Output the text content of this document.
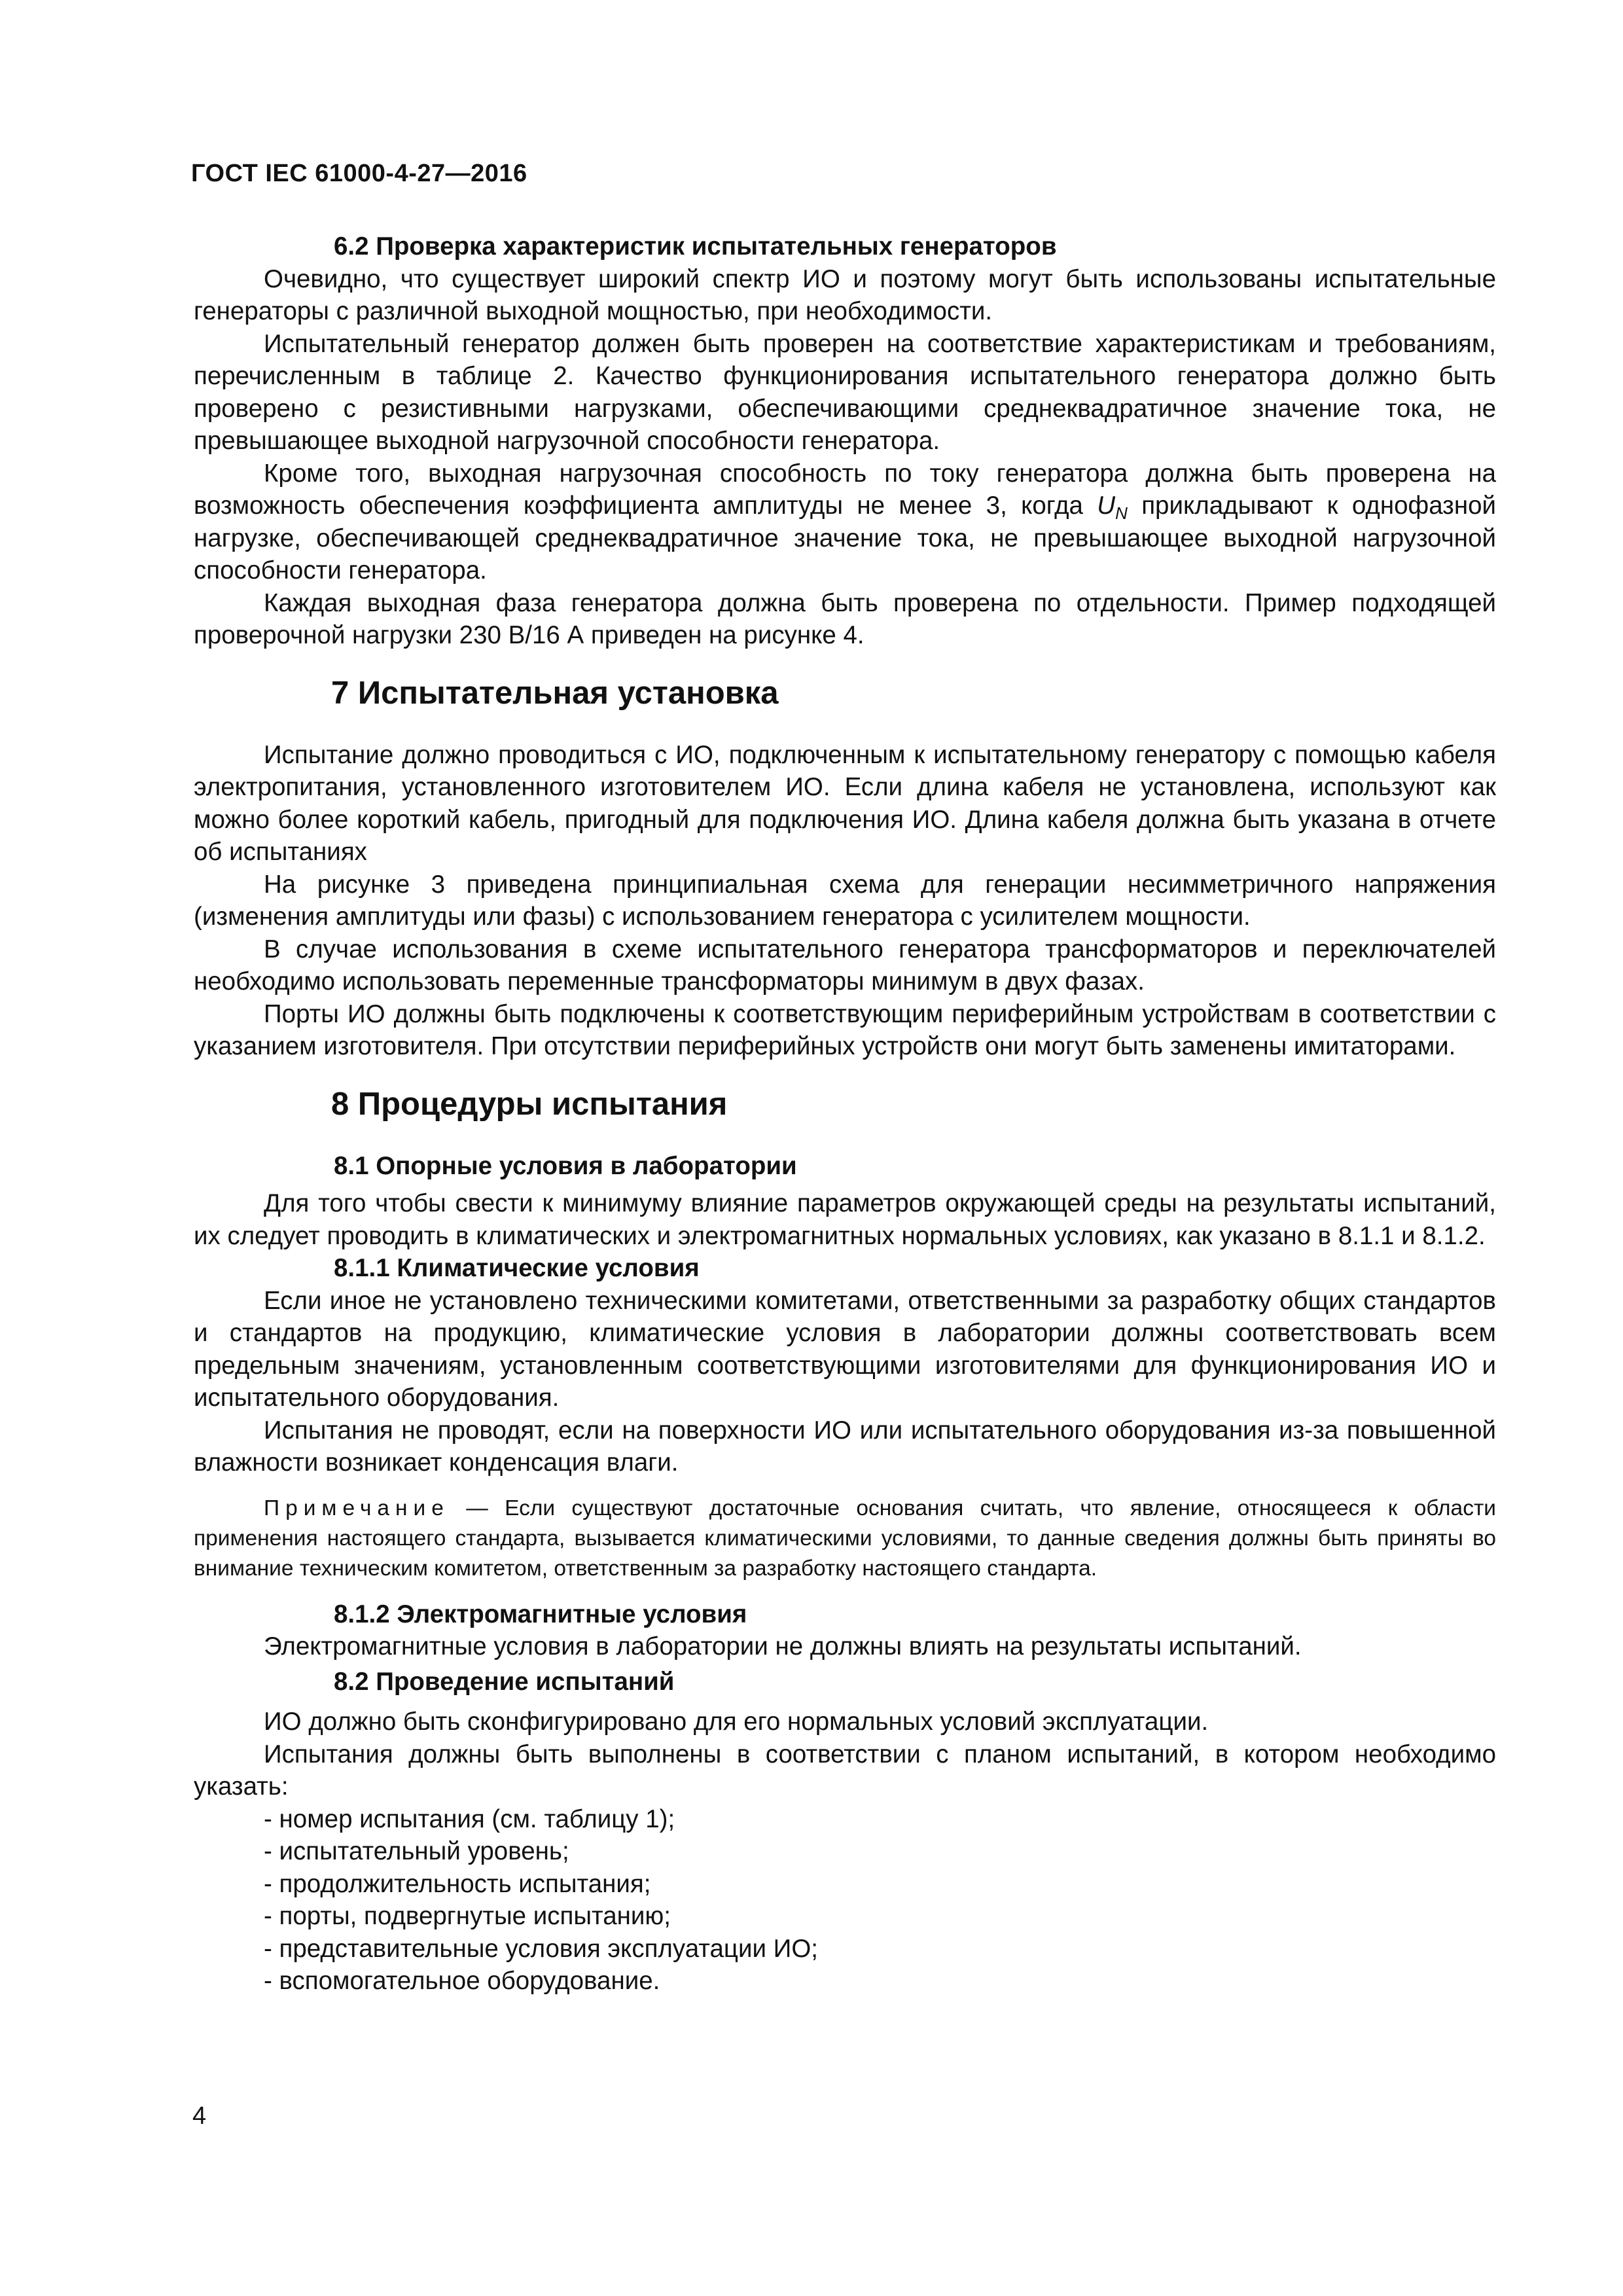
ГОСТ IEC 61000-4-27—2016

6.2 Проверка характеристик испытательных генераторов

Очевидно, что существует широкий спектр ИО и поэтому могут быть использованы испытательные генераторы с различной выходной мощностью, при необходимости.

Испытательный генератор должен быть проверен на соответствие характеристикам и требованиям, перечисленным в таблице 2. Качество функционирования испытательного генератора должно быть проверено с резистивными нагрузками, обеспечивающими среднеквадратичное значение тока, не превышающее выходной нагрузочной способности генератора.

Кроме того, выходная нагрузочная способность по току генератора должна быть проверена на возможность обеспечения коэффициента амплитуды не менее 3, когда $U_N$ прикладывают к однофазной нагрузке, обеспечивающей среднеквадратичное значение тока, не превышающее выходной нагрузочной способности генератора.

Каждая выходная фаза генератора должна быть проверена по отдельности. Пример подходящей проверочной нагрузки 230 В/16 А приведен на рисунке 4.

7 Испытательная установка

Испытание должно проводиться с ИО, подключенным к испытательному генератору с помощью кабеля электропитания, установленного изготовителем ИО. Если длина кабеля не установлена, используют как можно более короткий кабель, пригодный для подключения ИО. Длина кабеля должна быть указана в отчете об испытаниях

На рисунке 3 приведена принципиальная схема для генерации несимметричного напряжения (изменения амплитуды или фазы) с использованием генератора с усилителем мощности.

В случае использования в схеме испытательного генератора трансформаторов и переключателей необходимо использовать переменные трансформаторы минимум в двух фазах.

Порты ИО должны быть подключены к соответствующим периферийным устройствам в соответствии с указанием изготовителя. При отсутствии периферийных устройств они могут быть заменены имитаторами.

8 Процедуры испытания

8.1 Опорные условия в лаборатории

Для того чтобы свести к минимуму влияние параметров окружающей среды на результаты испытаний, их следует проводить в климатических и электромагнитных нормальных условиях, как указано в 8.1.1 и 8.1.2.

8.1.1 Климатические условия

Если иное не установлено техническими комитетами, ответственными за разработку общих стандартов и стандартов на продукцию, климатические условия в лаборатории должны соответствовать всем предельным значениям, установленным соответствующими изготовителями для функционирования ИО и испытательного оборудования.

Испытания не проводят, если на поверхности ИО или испытательного оборудования из-за повышенной влажности возникает конденсация влаги.

Примечание — Если существуют достаточные основания считать, что явление, относящееся к области применения настоящего стандарта, вызывается климатическими условиями, то данные сведения должны быть приняты во внимание техническим комитетом, ответственным за разработку настоящего стандарта.

8.1.2 Электромагнитные условия

Электромагнитные условия в лаборатории не должны влиять на результаты испытаний.

8.2 Проведение испытаний

ИО должно быть сконфигурировано для его нормальных условий эксплуатации.

Испытания должны быть выполнены в соответствии с планом испытаний, в котором необходимо указать:

- номер испытания (см. таблицу 1);

- испытательный уровень;

- продолжительность испытания;

- порты, подвергнутые испытанию;

- представительные условия эксплуатации ИО;

- вспомогательное оборудование.

4
